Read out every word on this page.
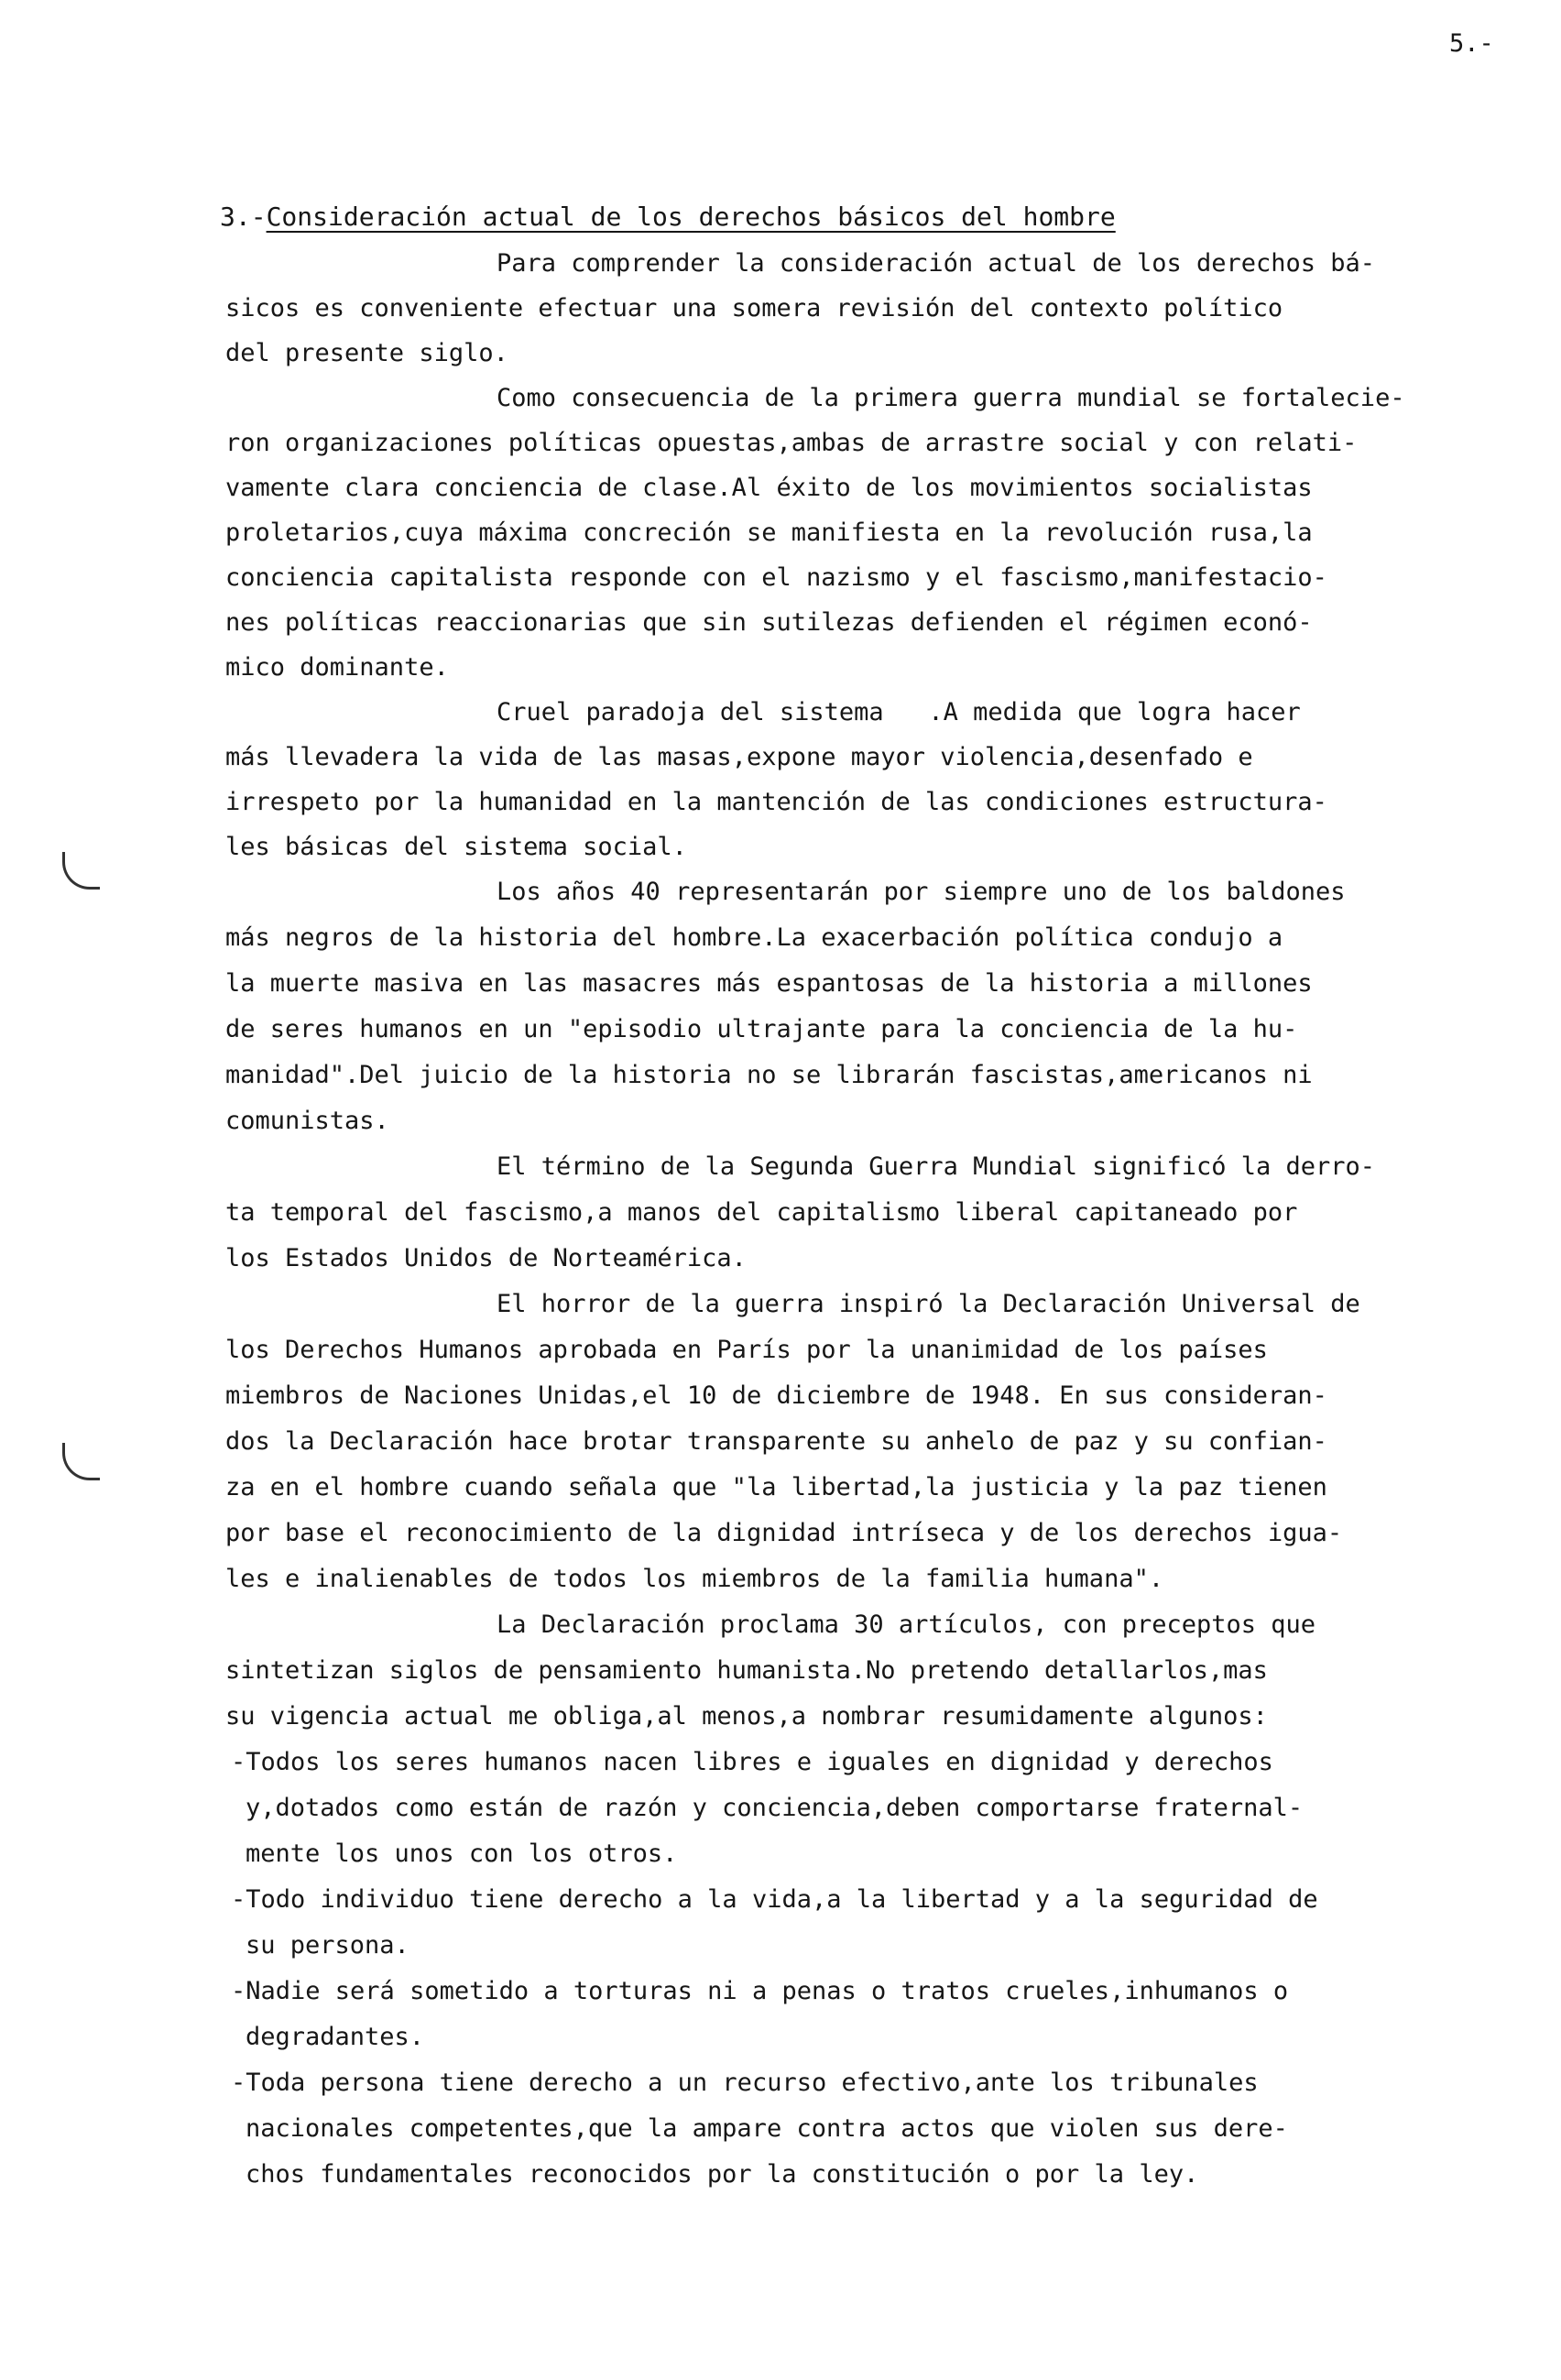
5.-
3.-Consideración actual de los derechos básicos del hombre
Para comprender la consideración actual de los derechos bá-
sicos es conveniente efectuar una somera revisión del contexto político
del presente siglo.
Como consecuencia de la primera guerra mundial se fortalecie-
ron organizaciones políticas opuestas,ambas de arrastre social y con relati-
vamente clara conciencia de clase.Al éxito de los movimientos socialistas
proletarios,cuya máxima concreción se manifiesta en la revolución rusa,la
conciencia capitalista responde con el nazismo y el fascismo,manifestacio-
nes políticas reaccionarias que sin sutilezas defienden el régimen econó-
mico dominante.
Cruel paradoja del sistema   .A medida que logra hacer
más llevadera la vida de las masas,expone mayor violencia,desenfado e
irrespeto por la humanidad en la mantención de las condiciones estructura-
les básicas del sistema social.
Los años 40 representarán por siempre uno de los baldones
más negros de la historia del hombre.La exacerbación política condujo a
la muerte masiva en las masacres más espantosas de la historia a millones
de seres humanos en un "episodio ultrajante para la conciencia de la hu-
manidad".Del juicio de la historia no se librarán fascistas,americanos ni
comunistas.
El término de la Segunda Guerra Mundial significó la derro-
ta temporal del fascismo,a manos del capitalismo liberal capitaneado por
los Estados Unidos de Norteamérica.
El horror de la guerra inspiró la Declaración Universal de
los Derechos Humanos aprobada en París por la unanimidad de los países
miembros de Naciones Unidas,el 10 de diciembre de 1948. En sus consideran-
dos la Declaración hace brotar transparente su anhelo de paz y su confian-
za en el hombre cuando señala que "la libertad,la justicia y la paz tienen
por base el reconocimiento de la dignidad intríseca y de los derechos igua-
les e inalienables de todos los miembros de la familia humana".
La Declaración proclama 30 artículos, con preceptos que
sintetizan siglos de pensamiento humanista.No pretendo detallarlos,mas
su vigencia actual me obliga,al menos,a nombrar resumidamente algunos:
-Todos los seres humanos nacen libres e iguales en dignidad y derechos
y,dotados como están de razón y conciencia,deben comportarse fraternal-
mente los unos con los otros.
-Todo individuo tiene derecho a la vida,a la libertad y a la seguridad de
su persona.
-Nadie será sometido a torturas ni a penas o tratos crueles,inhumanos o
degradantes.
-Toda persona tiene derecho a un recurso efectivo,ante los tribunales
nacionales competentes,que la ampare contra actos que violen sus dere-
chos fundamentales reconocidos por la constitución o por la ley.
